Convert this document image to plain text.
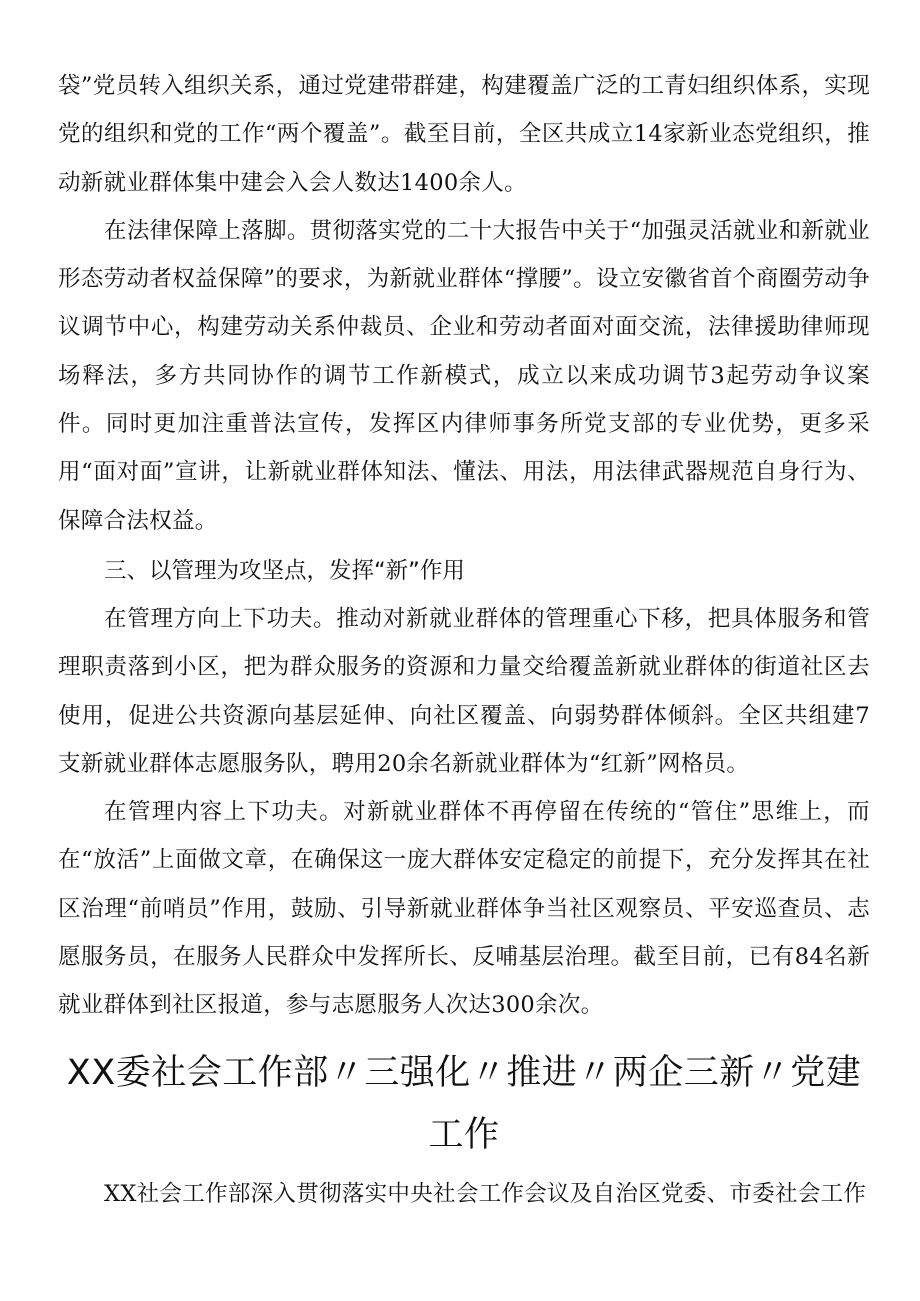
袋”党员转入组织关系，通过党建带群建，构建覆盖广泛的工青妇组织体系，实现党的组织和党的工作“两个覆盖”。截至目前，全区共成立14家新业态党组织，推动新就业群体集中建会入会人数达1400余人。

在法律保障上落脚。贯彻落实党的二十大报告中关于“加强灵活就业和新就业形态劳动者权益保障”的要求，为新就业群体“撑腰”。设立安徽省首个商圈劳动争议调节中心，构建劳动关系仲裁员、企业和劳动者面对面交流，法律援助律师现场释法，多方共同协作的调节工作新模式，成立以来成功调节3起劳动争议案件。同时更加注重普法宣传，发挥区内律师事务所党支部的专业优势，更多采用“面对面”宣讲，让新就业群体知法、懂法、用法，用法律武器规范自身行为、保障合法权益。

三、以管理为攻坚点，发挥“新”作用

在管理方向上下功夫。推动对新就业群体的管理重心下移，把具体服务和管理职责落到小区，把为群众服务的资源和力量交给覆盖新就业群体的街道社区去使用，促进公共资源向基层延伸、向社区覆盖、向弱势群体倾斜。全区共组建7支新就业群体志愿服务队，聘用20余名新就业群体为“红新”网格员。

在管理内容上下功夫。对新就业群体不再停留在传统的“管住”思维上，而在“放活”上面做文章，在确保这一庞大群体安定稳定的前提下，充分发挥其在社区治理“前哨员”作用，鼓励、引导新就业群体争当社区观察员、平安巡查员、志愿服务员，在服务人民群众中发挥所长、反哺基层治理。截至目前，已有84名新就业群体到社区报道，参与志愿服务人次达300余次。

XX委社会工作部〃三强化〃推进〃两企三新〃党建工作

XX社会工作部深入贯彻落实中央社会工作会议及自治区党委、市委社会工作
